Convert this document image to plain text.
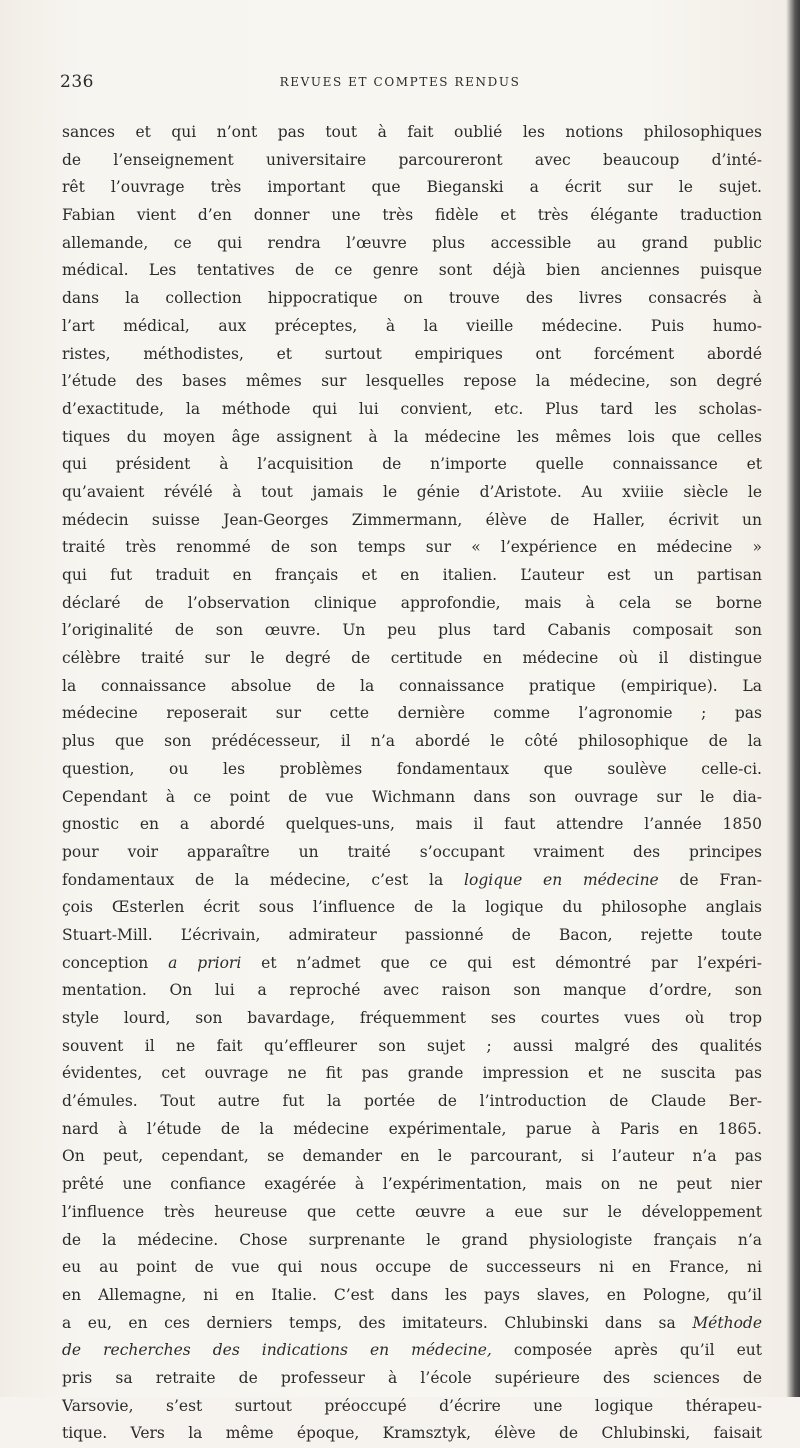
236	REVUES ET COMPTES RENDUS
sances et qui n’ont pas tout à fait oublié les notions philosophiques
de l’enseignement universitaire parcoureront avec beaucoup d’inté-
rêt l’ouvrage très important que Bieganski a écrit sur le sujet.
Fabian vient d’en donner une très fidèle et très élégante traduction
allemande, ce qui rendra l’œuvre plus accessible au grand public
médical. Les tentatives de ce genre sont déjà bien anciennes puisque
dans la collection hippocratique on trouve des livres consacrés à
l’art médical, aux préceptes, à la vieille médecine. Puis humo-
ristes, méthodistes, et surtout empiriques ont forcément abordé
l’étude des bases mêmes sur lesquelles repose la médecine, son degré
d’exactitude, la méthode qui lui convient, etc. Plus tard les scholas-
tiques du moyen âge assignent à la médecine les mêmes lois que celles
qui président à l’acquisition de n’importe quelle connaissance et
qu’avaient révélé à tout jamais le génie d’Aristote. Au xviiie siècle le
médecin suisse Jean-Georges Zimmermann, élève de Haller, écrivit un
traité très renommé de son temps sur « l’expérience en médecine »
qui fut traduit en français et en italien. L’auteur est un partisan
déclaré de l’observation clinique approfondie, mais à cela se borne
l’originalité de son œuvre. Un peu plus tard Cabanis composait son
célèbre traité sur le degré de certitude en médecine où il distingue
la connaissance absolue de la connaissance pratique (empirique). La
médecine reposerait sur cette dernière comme l’agronomie ; pas
plus que son prédécesseur, il n’a abordé le côté philosophique de la
question, ou les problèmes fondamentaux que soulève celle-ci.
Cependant à ce point de vue Wichmann dans son ouvrage sur le dia-
gnostic en a abordé quelques-uns, mais il faut attendre l’année 1850
pour voir apparaître un traité s’occupant vraiment des principes
fondamentaux de la médecine, c’est la logique en médecine de Fran-
çois Œsterlen écrit sous l’influence de la logique du philosophe anglais
Stuart-Mill. L’écrivain, admirateur passionné de Bacon, rejette toute
conception a priori et n’admet que ce qui est démontré par l’expéri-
mentation. On lui a reproché avec raison son manque d’ordre, son
style lourd, son bavardage, fréquemment ses courtes vues où trop
souvent il ne fait qu’effleurer son sujet ; aussi malgré des qualités
évidentes, cet ouvrage ne fit pas grande impression et ne suscita pas
d’émules. Tout autre fut la portée de l’introduction de Claude Ber-
nard à l’étude de la médecine expérimentale, parue à Paris en 1865.
On peut, cependant, se demander en le parcourant, si l’auteur n’a pas
prêté une confiance exagérée à l’expérimentation, mais on ne peut nier
l’influence très heureuse que cette œuvre a eue sur le développement
de la médecine. Chose surprenante le grand physiologiste français n’a
eu au point de vue qui nous occupe de successeurs ni en France, ni
en Allemagne, ni en Italie. C’est dans les pays slaves, en Pologne, qu’il
a eu, en ces derniers temps, des imitateurs. Chlubinski dans sa Méthode
de recherches des indications en médecine, composée après qu’il eut
pris sa retraite de professeur à l’école supérieure des sciences de
Varsovie, s’est surtout préoccupé d’écrire une logique thérapeu-
tique. Vers la même époque, Kramsztyk, élève de Chlubinski, faisait
